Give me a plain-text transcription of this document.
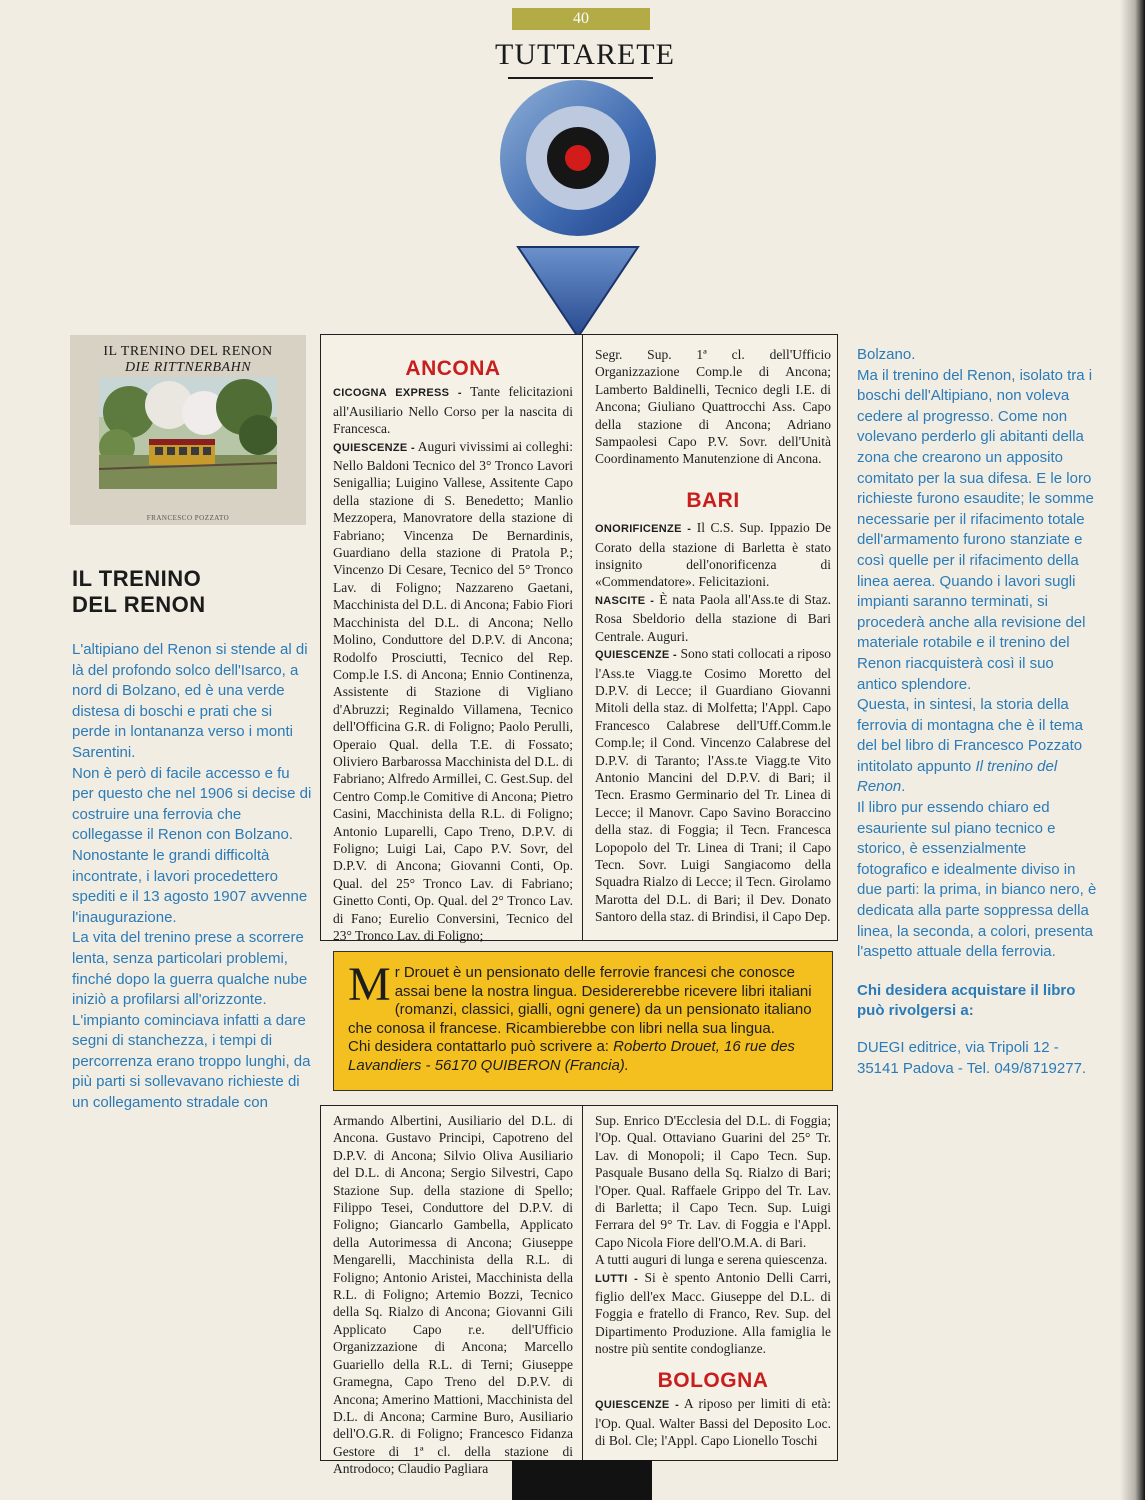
40
TUTTARETE
IL TRENINO DEL RENON
DIE RITTNERBAHN
FRANCESCO POZZATO
IL TRENINO
DEL RENON

L'altipiano del Renon si stende al di là del profondo solco dell'Isarco, a nord di Bolzano, ed è una verde distesa di boschi e prati che si perde in lontananza verso i monti Sarentini.

Non è però di facile accesso e fu per questo che nel 1906 si decise di costruire una ferrovia che collegasse il Renon con Bolzano. Nonostante le grandi difficoltà incontrate, i lavori procedettero spediti e il 13 agosto 1907 avvenne l'inaugurazione.

La vita del trenino prese a scorrere lenta, senza particolari problemi, finché dopo la guerra qualche nube iniziò a profilarsi all'orizzonte. L'impianto cominciava infatti a dare segni di stanchezza, i tempi di percorrenza erano troppo lunghi, da più parti si sollevavano richieste di un collegamento stradale con

Bolzano.

Ma il trenino del Renon, isolato tra i boschi dell'Altipiano, non voleva cedere al progresso. Come non volevano perderlo gli abitanti della zona che crearono un apposito comitato per la sua difesa. E le loro richieste furono esaudite; le somme necessarie per il rifacimento totale dell'armamento furono stanziate e così quelle per il rifacimento della linea aerea. Quando i lavori sugli impianti saranno terminati, si procederà anche alla revisione del materiale rotabile e il trenino del Renon riacquisterà così il suo antico splendore.

Questa, in sintesi, la storia della ferrovia di montagna che è il tema del bel libro di Francesco Pozzato intitolato appunto Il trenino del Renon.

Il libro pur essendo chiaro ed esauriente sul piano tecnico e storico, è essenzialmente fotografico e idealmente diviso in due parti: la prima, in bianco nero, è dedicata alla parte soppressa della linea, la seconda, a colori, presenta l'aspetto attuale della ferrovia.

Chi desidera acquistare il libro può rivolgersi a:

DUEGI editrice, via Tripoli 12 - 35141 Padova - Tel. 049/8719277.

ANCONA

CICOGNA EXPRESS - Tante felicitazioni all'Ausiliario Nello Corso per la nascita di Francesca.

QUIESCENZE - Auguri vivissimi ai colleghi: Nello Baldoni Tecnico del 3° Tronco Lavori Senigallia; Luigino Vallese, Assitente Capo della stazione di S. Benedetto; Manlio Mezzopera, Manovratore della stazione di Fabriano; Vincenza De Bernardinis, Guardiano della stazione di Pratola P.; Vincenzo Di Cesare, Tecnico del 5° Tronco Lav. di Foligno; Nazzareno Gaetani, Macchinista del D.L. di Ancona; Fabio Fiori Macchinista del D.L. di Ancona; Nello Molino, Conduttore del D.P.V. di Ancona; Rodolfo Prosciutti, Tecnico del Rep. Comp.le I.S. di Ancona; Ennio Continenza, Assistente di Stazione di Vigliano d'Abruzzi; Reginaldo Villamena, Tecnico dell'Officina G.R. di Foligno; Paolo Perulli, Operaio Qual. della T.E. di Fossato; Oliviero Barbarossa Macchinista del D.L. di Fabriano; Alfredo Armillei, C. Gest.Sup. del Centro Comp.le Comitive di Ancona; Pietro Casini, Macchinista della R.L. di Foligno; Antonio Luparelli, Capo Treno, D.P.V. di Foligno; Luigi Lai, Capo P.V. Sovr, del D.P.V. di Ancona; Giovanni Conti, Op. Qual. del 25° Tronco Lav. di Fabriano; Ginetto Conti, Op. Qual. del 2° Tronco Lav. di Fano; Eurelio Conversini, Tecnico del 23° Tronco Lav. di Foligno;

Segr. Sup. 1ª cl. dell'Ufficio Organizzazione Comp.le di Ancona; Lamberto Baldinelli, Tecnico degli I.E. di Ancona; Giuliano Quattrocchi Ass. Capo della stazione di Ancona; Adriano Sampaolesi Capo P.V. Sovr. dell'Unità Coordinamento Manutenzione di Ancona.

BARI

ONORIFICENZE - Il C.S. Sup. Ippazio De Corato della stazione di Barletta è stato insignito dell'onorificenza di «Commendatore». Felicitazioni.

NASCITE - È nata Paola all'Ass.te di Staz. Rosa Sbeldorio della stazione di Bari Centrale. Auguri.

QUIESCENZE - Sono stati collocati a riposo l'Ass.te Viagg.te Cosimo Moretto del D.P.V. di Lecce; il Guardiano Giovanni Mitoli della staz. di Molfetta; l'Appl. Capo Francesco Calabrese dell'Uff.Comm.le Comp.le; il Cond. Vincenzo Calabrese del D.P.V. di Taranto; l'Ass.te Viagg.te Vito Antonio Mancini del D.P.V. di Bari; il Tecn. Erasmo Germinario del Tr. Linea di Lecce; il Manovr. Capo Savino Boraccino della staz. di Foggia; il Tecn. Francesca Lopopolo del Tr. Linea di Trani; il Capo Tecn. Sovr. Luigi Sangiacomo della Squadra Rialzo di Lecce; il Tecn. Girolamo Marotta del D.L. di Bari; il Dev. Donato Santoro della staz. di Brindisi, il Capo Dep.

Mr Drouet è un pensionato delle ferrovie francesi che conosce assai bene la nostra lingua. Desidererebbe ricevere libri italiani (romanzi, classici, gialli, ogni genere) da un pensionato italiano che conosa il francese. Ricambierebbe con libri nella sua lingua.
Chi desidera contattarlo può scrivere a: Roberto Drouet, 16 rue des Lavandiers - 56170 QUIBERON (Francia).

Armando Albertini, Ausiliario del D.L. di Ancona. Gustavo Principi, Capotreno del D.P.V. di Ancona; Silvio Oliva Ausiliario del D.L. di Ancona; Sergio Silvestri, Capo Stazione Sup. della stazione di Spello; Filippo Tesei, Conduttore del D.P.V. di Foligno; Giancarlo Gambella, Applicato della Autorimessa di Ancona; Giuseppe Mengarelli, Macchinista della R.L. di Foligno; Antonio Aristei, Macchinista della R.L. di Foligno; Artemio Bozzi, Tecnico della Sq. Rialzo di Ancona; Giovanni Gili Applicato Capo r.e. dell'Ufficio Organizzazione di Ancona; Marcello Guariello della R.L. di Terni; Giuseppe Gramegna, Capo Treno del D.P.V. di Ancona; Amerino Mattioni, Macchinista del D.L. di Ancona; Carmine Buro, Ausiliario dell'O.G.R. di Foligno; Francesco Fidanza Gestore di 1ª cl. della stazione di Antrodoco; Claudio Pagliara

Sup. Enrico D'Ecclesia del D.L. di Foggia; l'Op. Qual. Ottaviano Guarini del 25° Tr. Lav. di Monopoli; il Capo Tecn. Sup. Pasquale Busano della Sq. Rialzo di Bari; l'Oper. Qual. Raffaele Grippo del Tr. Lav. di Barletta; il Capo Tecn. Sup. Luigi Ferrara del 9° Tr. Lav. di Foggia e l'Appl. Capo Nicola Fiore dell'O.M.A. di Bari.

A tutti auguri di lunga e serena quiescenza.

LUTTI - Si è spento Antonio Delli Carri, figlio dell'ex Macc. Giuseppe del D.L. di Foggia e fratello di Franco, Rev. Sup. del Dipartimento Produzione. Alla famiglia le nostre più sentite condoglianze.

BOLOGNA

QUIESCENZE - A riposo per limiti di età: l'Op. Qual. Walter Bassi del Deposito Loc. di Bol. Cle; l'Appl. Capo Lionello Toschi
